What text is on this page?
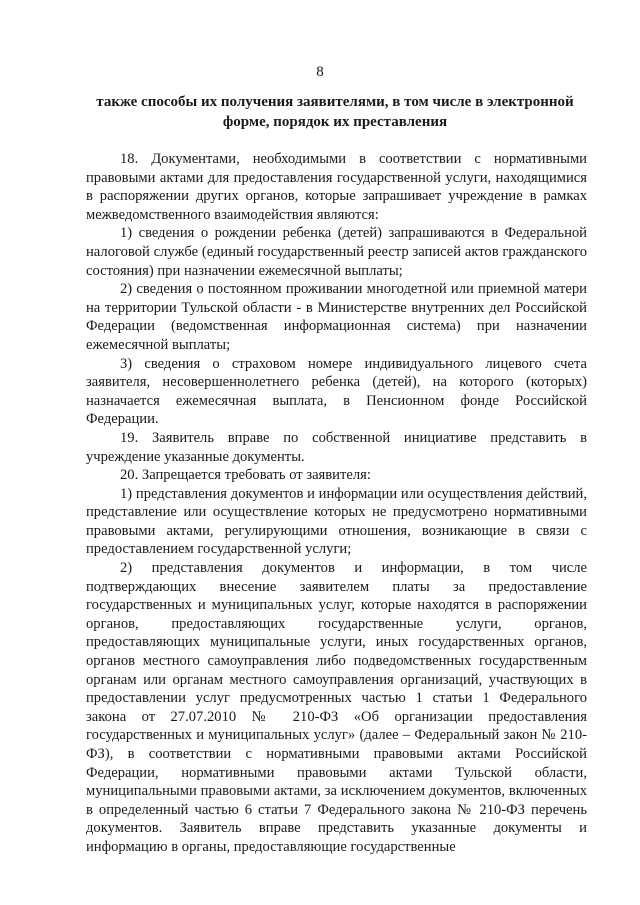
8
также способы их получения заявителями, в том числе в электронной форме, порядок их преставления

18. Документами, необходимыми в соответствии с нормативными правовыми актами для предоставления государственной услуги, находящимися в распоряжении других органов, которые запрашивает учреждение в рамках межведомственного взаимодействия являются:

1) сведения о рождении ребенка (детей) запрашиваются в Федеральной налоговой службе (единый государственный реестр записей актов гражданского состояния) при назначении ежемесячной выплаты;

2) сведения о постоянном проживании многодетной или приемной матери на территории Тульской области - в Министерстве внутренних дел Российской Федерации (ведомственная информационная система) при назначении ежемесячной выплаты;

3) сведения о страховом номере индивидуального лицевого счета заявителя, несовершеннолетнего ребенка (детей), на которого (которых) назначается ежемесячная выплата, в Пенсионном фонде Российской Федерации.

19. Заявитель вправе по собственной инициативе представить в учреждение указанные документы.

20. Запрещается требовать от заявителя:

1) представления документов и информации или осуществления действий, представление или осуществление которых не предусмотрено нормативными правовыми актами, регулирующими отношения, возникающие в связи с предоставлением государственной услуги;

2) представления документов и информации, в том числе подтверждающих внесение заявителем платы за предоставление государственных и муниципальных услуг, которые находятся в распоряжении органов, предоставляющих государственные услуги, органов, предоставляющих муниципальные услуги, иных государственных органов, органов местного самоуправления либо подведомственных государственным органам или органам местного самоуправления организаций, участвующих в предоставлении услуг предусмотренных частью 1 статьи 1 Федерального закона от 27.07.2010 № 210-ФЗ «Об организации предоставления государственных и муниципальных услуг» (далее – Федеральный закон № 210-ФЗ), в соответствии с нормативными правовыми актами Российской Федерации, нормативными правовыми актами Тульской области, муниципальными правовыми актами, за исключением документов, включенных в определенный частью 6 статьи 7 Федерального закона № 210-ФЗ перечень документов. Заявитель вправе представить указанные документы и информацию в органы, предоставляющие государственные
